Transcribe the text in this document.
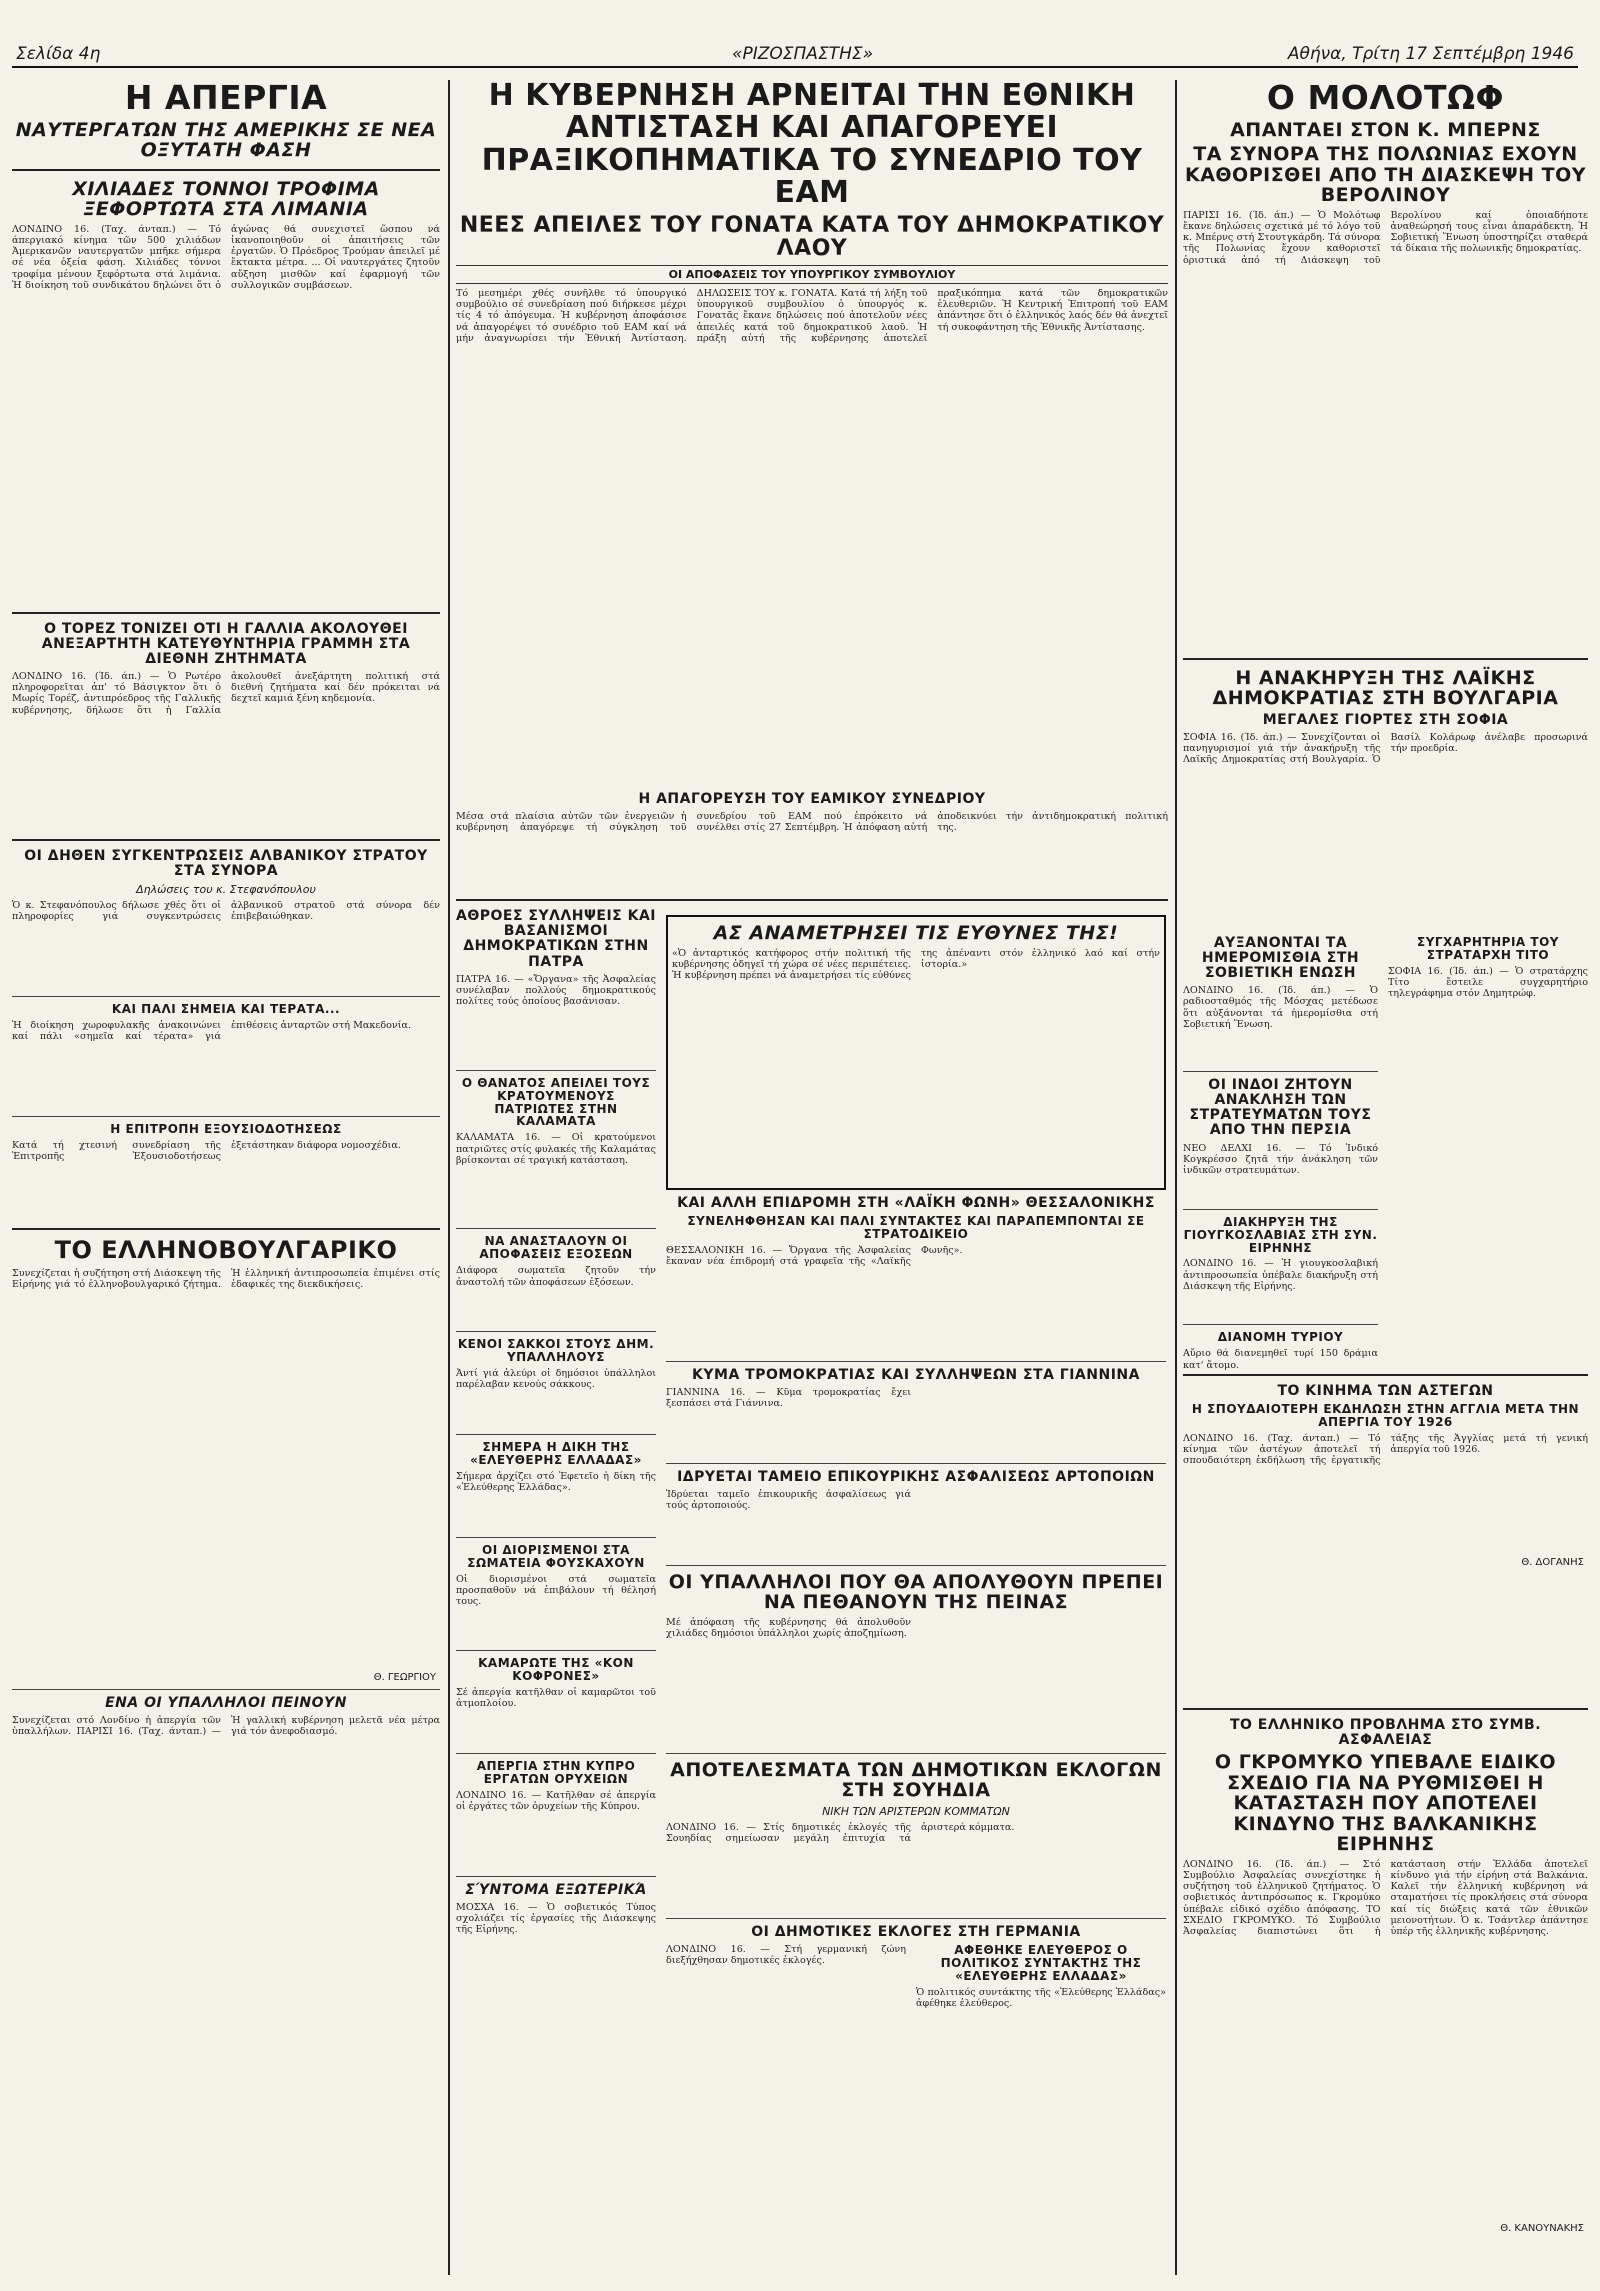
Σελίδα 4η	«ΡΙΖΟΣΠΑΣΤΗΣ»	Αθήνα, Τρίτη 17 Σεπτέμβρη 1946
Η ΑΠΕΡΓΙΑ
ΝΑΥΤΕΡΓΑΤΩΝ ΤΗΣ ΑΜΕΡΙΚΗΣ ΣΕ ΝΕΑ ΟΞΥΤΑΤΗ ΦΑΣΗ
ΧΙΛΙΑΔΕΣ ΤΟΝΝΟΙ ΤΡΟΦΙΜΑ ΞΕΦΟΡΤΩΤΑ ΣΤΑ ΛΙΜΑΝΙΑ
ΛΟΝΔΙΝΟ 16. (Ταχ. άνταπ.) — Τό άπεργιακό κίνημα τῶν 500 χιλιάδων Ἀμερικανῶν ναυτεργατῶν μπῆκε σήμερα σέ νέα ὀξεία φάση. Χιλιάδες τόννοι τροφίμα μένουν ξεφόρτωτα στά λιμάνια. Ἡ διοίκηση τοῦ συνδικάτου δηλώνει ὅτι ὁ ἀγώνας θά συνεχιστεῖ ὥσπου νά ἱκανοποιηθοῦν οἱ ἀπαιτήσεις τῶν ἐργατῶν. Ὁ Πρόεδρος Τρούμαν ἀπειλεῖ μέ ἔκτακτα μέτρα. ... Οἱ ναυτεργάτες ζητοῦν αὔξηση μισθῶν καί ἐφαρμογή τῶν συλλογικῶν συμβάσεων.
Ο ΤΟΡΕΖ ΤΟΝΙΖΕΙ ΟΤΙ Η ΓΑΛΛΙΑ ΑΚΟΛΟΥΘΕΙ ΑΝΕΞΑΡΤΗΤΗ ΚΑΤΕΥΘΥΝΤΗΡΙΑ ΓΡΑΜΜΗ ΣΤΑ ΔΙΕΘΝΗ ΖΗΤΗΜΑΤΑ
ΛΟΝΔΙΝΟ 16. (Ίδ. άπ.) — Ὁ Ρωτέρο πληροφορεῖται ἀπ' τό Βάσιγκτον ὅτι ὁ Μωρίς Τορέζ, ἀντιπρόεδρος τῆς Γαλλικῆς κυβέρνησης, δήλωσε ὅτι ἡ Γαλλία ἀκολουθεῖ ἀνεξάρτητη πολιτική στά διεθνή ζητήματα καί δέν πρόκειται νά δεχτεῖ καμιά ξένη κηδεμονία.
ΟΙ ΔΗΘΕΝ ΣΥΓΚΕΝΤΡΩΣΕΙΣ ΑΛΒΑΝΙΚΟΥ ΣΤΡΑΤΟΥ ΣΤΑ ΣΥΝΟΡΑ
Δηλώσεις του κ. Στεφανόπουλου
Ὁ κ. Στεφανόπουλος δήλωσε χθές ὅτι οἱ πληροφορίες γιά συγκεντρώσεις ἀλβανικοῦ στρατοῦ στά σύνορα δέν ἐπιβεβαιώθηκαν.
ΚΑΙ ΠΑΛΙ ΣΗΜΕΙΑ ΚΑΙ ΤΕΡΑΤΑ...
Ἡ διοίκηση χωροφυλακῆς ἀνακοινώνει καί πάλι «σημεῖα καί τέρατα» γιά ἐπιθέσεις ἀνταρτῶν στή Μακεδονία.
Η ΕΠΙΤΡΟΠΗ ΕΞΟΥΣΙΟΔΟΤΗΣΕΩΣ
Κατά τή χτεσινή συνεδρίαση τῆς Ἐπιτροπῆς Ἐξουσιοδοτήσεως ἐξετάστηκαν διάφορα νομοσχέδια.
ΤΟ ΕΛΛΗΝΟΒΟΥΛΓΑΡΙΚΟ
Συνεχίζεται ἡ συζήτηση στή Διάσκεψη τῆς Εἰρήνης γιά τό ἑλληνοβουλγαρικό ζήτημα. Ἡ ἑλληνική ἀντιπροσωπεία ἐπιμένει στίς ἐδαφικές της διεκδικήσεις.
Θ. ΓΕΩΡΓΙΟΥ
ΕΝΑ ΟΙ ΥΠΑΛΛΗΛΟΙ ΠΕΙΝΟΥΝ
Συνεχίζεται στό Λονδίνο ἡ ἀπεργία τῶν ὑπαλλήλων. ΠΑΡΙΣΙ 16. (Ταχ. άνταπ.) — Ἡ γαλλική κυβέρνηση μελετᾶ νέα μέτρα γιά τόν ἀνεφοδιασμό.
Η ΚΥΒΕΡΝΗΣΗ ΑΡΝΕΙΤΑΙ ΤΗΝ ΕΘΝΙΚΗ ΑΝΤΙΣΤΑΣΗ ΚΑΙ ΑΠΑΓΟΡΕΥΕΙ ΠΡΑΞΙΚΟΠΗΜΑΤΙΚΑ ΤΟ ΣΥΝΕΔΡΙΟ ΤΟΥ ΕΑΜ
ΝΕΕΣ ΑΠΕΙΛΕΣ ΤΟΥ ΓΟΝΑΤΑ ΚΑΤΑ ΤΟΥ ΔΗΜΟΚΡΑΤΙΚΟΥ ΛΑΟΥ
ΟΙ ΑΠΟΦΑΣΕΙΣ ΤΟΥ ΥΠΟΥΡΓΙΚΟΥ ΣΥΜΒΟΥΛΙΟΥ
Τό μεσημέρι χθές συνῆλθε τό ὑπουργικό συμβούλιο σέ συνεδρίαση πού διήρκεσε μέχρι τίς 4 τό ἀπόγευμα. Ἡ κυβέρνηση ἀποφάσισε νά ἀπαγορέψει τό συνέδριο τοῦ ΕΑΜ καί νά μήν ἀναγνωρίσει τήν Ἐθνική Ἀντίσταση. ΔΗΛΩΣΕΙΣ ΤΟΥ κ. ΓΟΝΑΤΑ. Κατά τή λήξη τοῦ ὑπουργικοῦ συμβουλίου ὁ ὑπουργός κ. Γονατᾶς ἔκανε δηλώσεις πού ἀποτελοῦν νέες ἀπειλές κατά τοῦ δημοκρατικοῦ λαοῦ. Ἡ πράξη αὐτή τῆς κυβέρνησης ἀποτελεῖ πραξικόπημα κατά τῶν δημοκρατικῶν ἐλευθεριῶν. Ἡ Κεντρική Ἐπιτροπή τοῦ ΕΑΜ ἀπάντησε ὅτι ὁ ἑλληνικός λαός δέν θά ἀνεχτεῖ τή συκοφάντηση τῆς Ἐθνικῆς Ἀντίστασης.
Η ΑΠΑΓΟΡΕΥΣΗ ΤΟΥ ΕΑΜΙΚΟΥ ΣΥΝΕΔΡΙΟΥ
Μέσα στά πλαίσια αὐτῶν τῶν ἐνεργειῶν ἡ κυβέρνηση ἀπαγόρεψε τή σύγκληση τοῦ συνεδρίου τοῦ ΕΑΜ πού ἐπρόκειτο νά συνέλθει στίς 27 Σεπτέμβρη. Ἡ ἀπόφαση αὐτή ἀποδεικνύει τήν ἀντιδημοκρατική πολιτική της.
ΑΘΡΟΕΣ ΣΥΛΛΗΨΕΙΣ ΚΑΙ ΒΑΣΑΝΙΣΜΟΙ ΔΗΜΟΚΡΑΤΙΚΩΝ ΣΤΗΝ ΠΑΤΡΑ
ΠΑΤΡΑ 16. — «Ὄργανα» τῆς Ἀσφαλείας συνέλαβαν πολλούς δημοκρατικούς πολίτες τούς ὁποίους βασάνισαν.
Ο ΘΑΝΑΤΟΣ ΑΠΕΙΛΕΙ ΤΟΥΣ ΚΡΑΤΟΥΜΕΝΟΥΣ ΠΑΤΡΙΩΤΕΣ ΣΤΗΝ ΚΑΛΑΜΑΤΑ
ΚΑΛΑΜΑΤΑ 16. — Οἱ κρατούμενοι πατριῶτες στίς φυλακές τῆς Καλαμάτας βρίσκονται σέ τραγική κατάσταση.
ΝΑ ΑΝΑΣΤΑΛΟΥΝ ΟΙ ΑΠΟΦΑΣΕΙΣ ΕΞΟΣΕΩΝ
Διάφορα σωματεῖα ζητοῦν τήν ἀναστολή τῶν ἀποφάσεων ἐξόσεων.
ΚΕΝΟΙ ΣΑΚΚΟΙ ΣΤΟΥΣ ΔΗΜ. ΥΠΑΛΛΗΛΟΥΣ
Ἀντί γιά ἀλεύρι οἱ δημόσιοι ὑπάλληλοι παρέλαβαν κενούς σάκκους.
ΣΗΜΕΡΑ Η ΔΙΚΗ ΤΗΣ «ΕΛΕΥΘΕΡΗΣ ΕΛΛΑΔΑΣ»
Σήμερα ἀρχίζει στό Ἐφετεῖο ἡ δίκη τῆς «Ἐλεύθερης Ἑλλάδας».
ΟΙ ΔΙΟΡΙΣΜΕΝΟΙ ΣΤΑ ΣΩΜΑΤΕΙΑ ΦΟΥΣΚΑΧΟΥΝ
Οἱ διορισμένοι στά σωματεῖα προσπαθοῦν νά ἐπιβάλουν τή θέλησή τους.
ΚΑΜΑΡΩΤΕ ΤΗΣ «ΚΟΝ ΚΟΦΡΟΝΕΣ»
Σέ ἀπεργία κατῆλθαν οἱ καμαρῶτοι τοῦ ἀτμοπλοίου.
ΑΠΕΡΓΙΑ ΣΤΗΝ ΚΥΠΡΟ ΕΡΓΑΤΩΝ ΟΡΥΧΕΙΩΝ
ΛΟΝΔΙΝΟ 16. — Κατῆλθαν σέ ἀπεργία οἱ ἐργάτες τῶν ὀρυχείων τῆς Κύπρου.
ΣΎΝΤΟΜΑ ΕΞΩΤΕΡΙΚΆ
ΜΟΣΧΑ 16. — Ὁ σοβιετικός Τύπος σχολιάζει τίς ἐργασίες τῆς Διάσκεψης τῆς Εἰρήνης.
ΑΣ ΑΝΑΜΕΤΡΗΣΕΙ ΤΙΣ ΕΥΘΥΝΕΣ ΤΗΣ!
«Ὁ ἀνταρτικός κατήφορος στήν πολιτική τῆς κυβέρνησης ὁδηγεῖ τή χώρα σέ νέες περιπέτειες. Ἡ κυβέρνηση πρέπει νά ἀναμετρήσει τίς εὐθύνες της ἀπέναντι στόν ἑλληνικό λαό καί στήν ἱστορία.»
ΚΑΙ ΑΛΛΗ ΕΠΙΔΡΟΜΗ ΣΤΗ «ΛΑΪΚΗ ΦΩΝΗ» ΘΕΣΣΑΛΟΝΙΚΗΣ
ΣΥΝΕΛΗΦΘΗΣΑΝ ΚΑΙ ΠΑΛΙ ΣΥΝΤΑΚΤΕΣ ΚΑΙ ΠΑΡΑΠΕΜΠΟΝΤΑΙ ΣΕ ΣΤΡΑΤΟΔΙΚΕΙΟ
ΘΕΣΣΑΛΟΝΙΚΗ 16. — Ὄργανα τῆς Ἀσφαλείας ἔκαναν νέα ἐπιδρομή στά γραφεῖα τῆς «Λαϊκῆς Φωνῆς».
ΚΥΜΑ ΤΡΟΜΟΚΡΑΤΙΑΣ ΚΑΙ ΣΥΛΛΗΨΕΩΝ ΣΤΑ ΓΙΑΝΝΙΝΑ
ΓΙΑΝΝΙΝΑ 16. — Κῦμα τρομοκρατίας ἔχει ξεσπάσει στά Γιάννινα.
ΙΔΡΥΕΤΑΙ ΤΑΜΕΙΟ ΕΠΙΚΟΥΡΙΚΗΣ ΑΣΦΑΛΙΣΕΩΣ ΑΡΤΟΠΟΙΩΝ
Ἱδρύεται ταμεῖο ἐπικουρικῆς ἀσφαλίσεως γιά τούς ἀρτοποιούς.
ΟΙ ΥΠΑΛΛΗΛΟΙ ΠΟΥ ΘΑ ΑΠΟΛΥΘΟΥΝ ΠΡΕΠΕΙ ΝΑ ΠΕΘΑΝΟΥΝ ΤΗΣ ΠΕΙΝΑΣ
Μέ ἀπόφαση τῆς κυβέρνησης θά ἀπολυθοῦν χιλιάδες δημόσιοι ὑπάλληλοι χωρίς ἀποζημίωση.
ΑΠΟΤΕΛΕΣΜΑΤΑ ΤΩΝ ΔΗΜΟΤΙΚΩΝ ΕΚΛΟΓΩΝ ΣΤΗ ΣΟΥΗΔΙΑ
ΝΙΚΗ ΤΩΝ ΑΡΙΣΤΕΡΩΝ ΚΟΜΜΑΤΩΝ
ΛΟΝΔΙΝΟ 16. — Στίς δημοτικές ἐκλογές τῆς Σουηδίας σημείωσαν μεγάλη ἐπιτυχία τά ἀριστερά κόμματα.
ΟΙ ΔΗΜΟΤΙΚΕΣ ΕΚΛΟΓΕΣ ΣΤΗ ΓΕΡΜΑΝΙΑ
ΛΟΝΔΙΝΟ 16. — Στή γερμανική ζώνη διεξήχθησαν δημοτικές ἐκλογές.
ΑΦΕΘΗΚΕ ΕΛΕΥΘΕΡΟΣ Ο ΠΟΛΙΤΙΚΟΣ ΣΥΝΤΑΚΤΗΣ ΤΗΣ «ΕΛΕΥΘΕΡΗΣ ΕΛΛΑΔΑΣ»
Ὁ πολιτικός συντάκτης τῆς «Ἐλεύθερης Ἑλλάδας» ἀφέθηκε ἐλεύθερος.
Ο ΜΟΛΟΤΩΦ
ΑΠΑΝΤΑΕΙ ΣΤΟΝ Κ. ΜΠΕΡΝΣ
ΤΑ ΣΥΝΟΡΑ ΤΗΣ ΠΟΛΩΝΙΑΣ ΕΧΟΥΝ ΚΑΘΟΡΙΣΘΕΙ ΑΠΟ ΤΗ ΔΙΑΣΚΕΨΗ ΤΟΥ ΒΕΡΟΛΙΝΟΥ
ΠΑΡΙΣΙ 16. (Ίδ. άπ.) — Ὁ Μολότωφ ἔκανε δηλώσεις σχετικά μέ τό λόγο τοῦ κ. Μπέρνς στή Στουτγκάρδη. Τά σύνορα τῆς Πολωνίας ἔχουν καθοριστεῖ ὁριστικά ἀπό τή Διάσκεψη τοῦ Βερολίνου καί ὁποιαδήποτε ἀναθεώρησή τους εἶναι ἀπαράδεκτη. Ἡ Σοβιετική Ἕνωση ὑποστηρίζει σταθερά τά δίκαια τῆς πολωνικῆς δημοκρατίας.
Η ΑΝΑΚΗΡΥΞΗ ΤΗΣ ΛΑΪΚΗΣ ΔΗΜΟΚΡΑΤΙΑΣ ΣΤΗ ΒΟΥΛΓΑΡΙΑ
ΜΕΓΑΛΕΣ ΓΙΟΡΤΕΣ ΣΤΗ ΣΟΦΙΑ
ΣΟΦΙΑ 16. (Ίδ. άπ.) — Συνεχίζονται οἱ πανηγυρισμοί γιά τήν ἀνακήρυξη τῆς Λαϊκῆς Δημοκρατίας στή Βουλγαρία. Ὁ Βασίλ Κολάρωφ ἀνέλαβε προσωρινά τήν προεδρία.
ΑΥΞΑΝΟΝΤΑΙ ΤΑ ΗΜΕΡΟΜΙΣΘΙΑ ΣΤΗ ΣΟΒΙΕΤΙΚΗ ΕΝΩΣΗ
ΛΟΝΔΙΝΟ 16. (Ίδ. άπ.) — Ὁ ραδιοσταθμός τῆς Μόσχας μετέδωσε ὅτι αὐξάνονται τά ἡμερομίσθια στή Σοβιετική Ἕνωση.
ΟΙ ΙΝΔΟΙ ΖΗΤΟΥΝ ΑΝΑΚΛΗΣΗ ΤΩΝ ΣΤΡΑΤΕΥΜΑΤΩΝ ΤΟΥΣ ΑΠΟ ΤΗΝ ΠΕΡΣΙΑ
ΝΕΟ ΔΕΛΧΙ 16. — Τό Ἰνδικό Κογκρέσσο ζητᾶ τήν ἀνάκληση τῶν ἰνδικῶν στρατευμάτων.
ΔΙΑΚΗΡΥΞΗ ΤΗΣ ΓΙΟΥΓΚΟΣΛΑΒΙΑΣ ΣΤΗ ΣΥΝ. ΕΙΡΗΝΗΣ
ΛΟΝΔΙΝΟ 16. — Ἡ γιουγκοσλαβική ἀντιπροσωπεία ὑπέβαλε διακήρυξη στή Διάσκεψη τῆς Εἰρήνης.
ΔΙΑΝΟΜΗ ΤΥΡΙΟΥ
Αὔριο θά διανεμηθεῖ τυρί 150 δράμια κατ' ἄτομο.
ΣΥΓΧΑΡΗΤΗΡΙΑ ΤΟΥ ΣΤΡΑΤΑΡΧΗ ΤΙΤΟ
ΣΟΦΙΑ 16. (Ίδ. άπ.) — Ὁ στρατάρχης Τίτο ἔστειλε συγχαρητήριο τηλεγράφημα στόν Δημητρώφ.
ΤΟ ΚΙΝΗΜΑ ΤΩΝ ΑΣΤΕΓΩΝ
Η ΣΠΟΥΔΑΙΟΤΕΡΗ ΕΚΔΗΛΩΣΗ ΣΤΗΝ ΑΓΓΛΙΑ ΜΕΤΑ ΤΗΝ ΑΠΕΡΓΙΑ ΤΟΥ 1926
ΛΟΝΔΙΝΟ 16. (Ταχ. άνταπ.) — Τό κίνημα τῶν ἀστέγων ἀποτελεῖ τή σπουδαιότερη ἐκδήλωση τῆς ἐργατικῆς τάξης τῆς Ἀγγλίας μετά τή γενική ἀπεργία τοῦ 1926.
Θ. ΔΟΓΑΝΗΣ
ΤΟ ΕΛΛΗΝΙΚΟ ΠΡΟΒΛΗΜΑ ΣΤΟ ΣΥΜΒ. ΑΣΦΑΛΕΙΑΣ
Ο ΓΚΡΟΜΥΚΟ ΥΠΕΒΑΛΕ ΕΙΔΙΚΟ ΣΧΕΔΙΟ ΓΙΑ ΝΑ ΡΥΘΜΙΣΘΕΙ Η ΚΑΤΑΣΤΑΣΗ ΠΟΥ ΑΠΟΤΕΛΕΙ ΚΙΝΔΥΝΟ ΤΗΣ ΒΑΛΚΑΝΙΚΗΣ ΕΙΡΗΝΗΣ
ΛΟΝΔΙΝΟ 16. (Ίδ. άπ.) — Στό Συμβούλιο Ἀσφαλείας συνεχίστηκε ἡ συζήτηση τοῦ ἑλληνικοῦ ζητήματος. Ὁ σοβιετικός ἀντιπρόσωπος κ. Γκρομύκο ὑπέβαλε εἰδικό σχέδιο ἀπόφασης. ΤΟ ΣΧΕΔΙΟ ΓΚΡΟΜΥΚΟ. Τό Συμβούλιο Ἀσφαλείας διαπιστώνει ὅτι ἡ κατάσταση στήν Ἑλλάδα ἀποτελεῖ κίνδυνο γιά τήν εἰρήνη στά Βαλκάνια. Καλεῖ τήν ἑλληνική κυβέρνηση νά σταματήσει τίς προκλήσεις στά σύνορα καί τίς διώξεις κατά τῶν ἐθνικῶν μειονοτήτων. Ὁ κ. Τσάντλερ ἀπάντησε ὑπέρ τῆς ἑλληνικῆς κυβέρνησης.
Θ. ΚΑΝΟΥΝΑΚΗΣ
